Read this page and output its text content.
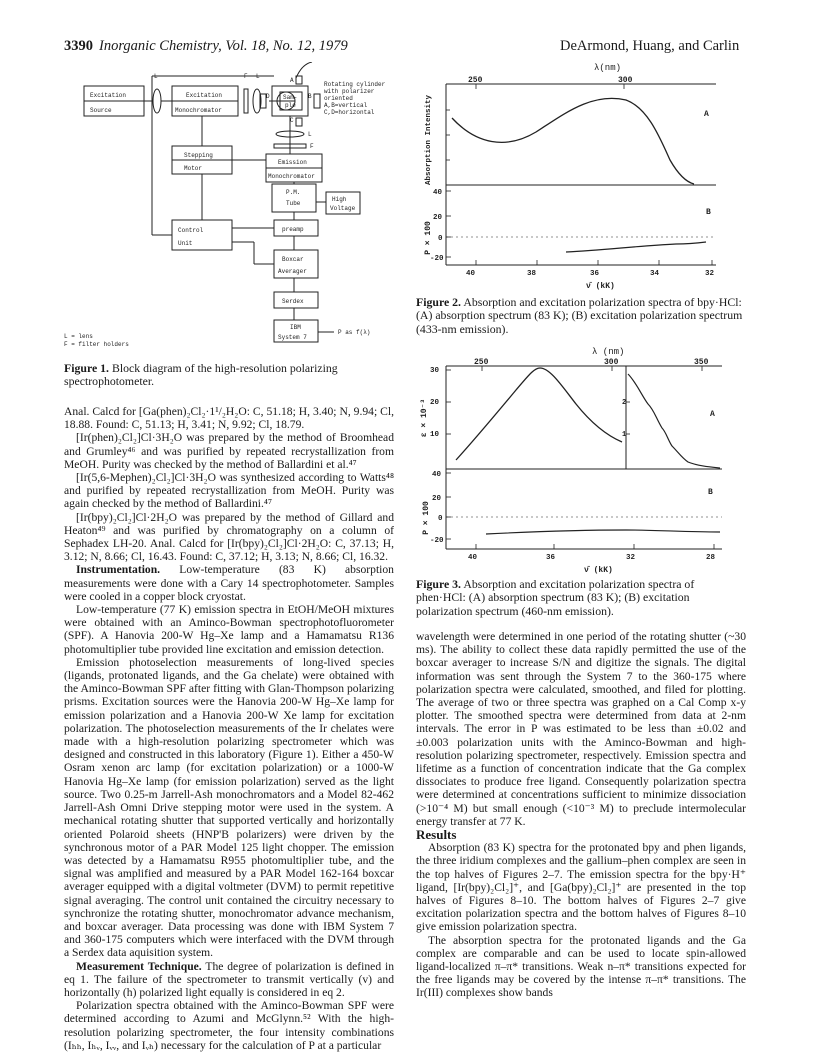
3390 Inorganic Chemistry, Vol. 18, No. 12, 1979	DeArmond, Huang, and Carlin
Excitation
Source
Excitation
Monochromator
Sam-
ple
Rotating cylinder
with polarizer
oriented
A,B=vertical
C,D=horizontal
Stepping
Motor
Emission
Monochromator
P.M.
Tube
High
Voltage
Control
Unit
preamp
Boxcar
Averager
Serdex
IBM
System 7
P as f(λ)
L	F L
L
F
A
B
C
D
L = lens
F = filter holders
Figure 1. Block diagram of the high-resolution polarizing spectrophotometer.
λ(nm)
250	300
Absorption Intensity	A
B
P × 100
40
20
0
-20
40	38	36	34	32
ν̄ (kK)
Figure 2. Absorption and excitation polarization spectra of bpy·HCl: (A) absorption spectrum (83 K); (B) excitation polarization spectrum (433-nm emission).
λ (nm)
250	300	350
30
20
10
ε × 10⁻³	2
1
A
B
P × 100
40
20
0
-20
40	36	32	28
ν̄ (kK)
Figure 3. Absorption and excitation polarization spectra of phen·HCl: (A) absorption spectrum (83 K); (B) excitation polarization spectrum (460-nm emission).

Anal. Calcd for [Ga(phen)₂Cl₂·1¹/₂H₂O: C, 51.18; H, 3.40; N, 9.94; Cl, 18.88. Found: C, 51.13; H, 3.41; N, 9.92; Cl, 18.79.

[Ir(phen)₂Cl₂]Cl·3H₂O was prepared by the method of Broomhead and Grumley⁴⁶ and was purified by repeated recrystallization from MeOH. Purity was checked by the method of Ballardini et al.⁴⁷

[Ir(5,6-Mephen)₂Cl₂]Cl·3H₂O was synthesized according to Watts⁴⁸ and purified by repeated recrystallization from MeOH. Purity was again checked by the method of Ballardini.⁴⁷

[Ir(bpy)₂Cl₂]Cl·2H₂O was prepared by the method of Gillard and Heaton⁴⁹ and was purified by chromatography on a column of Sephadex LH-20. Anal. Calcd for [Ir(bpy)₂Cl₂]Cl·2H₂O: C, 37.13; H, 3.12; N, 8.66; Cl, 16.43. Found: C, 37.12; H, 3.13; N, 8.66; Cl, 16.32.

Instrumentation. Low-temperature (83 K) absorption measurements were done with a Cary 14 spectrophotometer. Samples were cooled in a copper block cryostat.

Low-temperature (77 K) emission spectra in EtOH/MeOH mixtures were obtained with an Aminco-Bowman spectrophotofluorometer (SPF). A Hanovia 200-W Hg–Xe lamp and a Hamamatsu R136 photomultiplier tube provided line excitation and emission detection.

Emission photoselection measurements of long-lived species (ligands, protonated ligands, and the Ga chelate) were obtained with the Aminco-Bowman SPF after fitting with Glan-Thompson polarizing prisms. Excitation sources were the Hanovia 200-W Hg–Xe lamp for emission polarization and a Hanovia 200-W Xe lamp for excitation polarization. The photoselection measurements of the Ir chelates were made with a high-resolution polarizing spectrometer which was designed and constructed in this laboratory (Figure 1). Either a 450-W Osram xenon arc lamp (for excitation polarization) or a 1000-W Hanovia Hg–Xe lamp (for emission polarization) served as the light source. Two 0.25-m Jarrell-Ash monochromators and a Model 82-462 Jarrell-Ash Omni Drive stepping motor were used in the system. A mechanical rotating shutter that supported vertically and horizontally oriented Polaroid sheets (HNP'B polarizers) were driven by the synchronous motor of a PAR Model 125 light chopper. The emission was detected by a Hamamatsu R955 photomultiplier tube, and the signal was amplified and measured by a PAR Model 162-164 boxcar averager equipped with a digital voltmeter (DVM) to permit repetitive signal averaging. The control unit contained the circuitry necessary to synchronize the rotating shutter, monochromator advance mechanism, and boxcar averager. Data processing was done with IBM System 7 and 360-175 computers which were interfaced with the DVM through a Serdex data aquisition system.

Measurement Technique. The degree of polarization is defined in eq 1. The failure of the spectrometer to transmit vertically (v) and horizontally (h) polarized light equally is considered in eq 2.

Polarization spectra obtained with the Aminco-Bowman SPF were determined according to Azumi and McGlynn.⁵² With the high-resolution polarizing spectrometer, the four intensity combinations (Iₕₕ, Iₕᵥ, Iᵥᵥ, and Iᵥₕ) necessary for the calculation of P at a particular

wavelength were determined in one period of the rotating shutter (~30 ms). The ability to collect these data rapidly permitted the use of the boxcar averager to increase S/N and digitize the signals. The digital information was sent through the System 7 to the 360-175 where polarization spectra were calculated, smoothed, and filed for plotting. The average of two or three spectra was graphed on a Cal Comp x-y plotter. The smoothed spectra were determined from data at 2-nm intervals. The error in P was estimated to be less than ±0.02 and ±0.003 polarization units with the Aminco-Bowman and high-resolution polarizing spectrometer, respectively. Emission spectra and lifetime as a function of concentration indicate that the Ga complex dissociates to produce free ligand. Consequently polarization spectra were determined at concentrations sufficient to minimize dissociation (>10⁻⁴ M) but small enough (<10⁻³ M) to preclude intermolecular energy transfer at 77 K.

Results

Absorption (83 K) spectra for the protonated bpy and phen ligands, the three iridium complexes and the gallium–phen complex are seen in the top halves of Figures 2–7. The emission spectra for the bpy·H⁺ ligand, [Ir(bpy)₂Cl₂]⁺, and [Ga(bpy)₂Cl₂]⁺ are presented in the top halves of Figures 8–10. The bottom halves of Figures 2–7 give excitation polarization spectra and the bottom halves of Figures 8–10 give emission polarization spectra.

The absorption spectra for the protonated ligands and the Ga complex are comparable and can be used to locate spin-allowed ligand-localized π–π* transitions. Weak n–π* transitions expected for the free ligands may be covered by the intense π–π* transitions. The Ir(III) complexes show bands
